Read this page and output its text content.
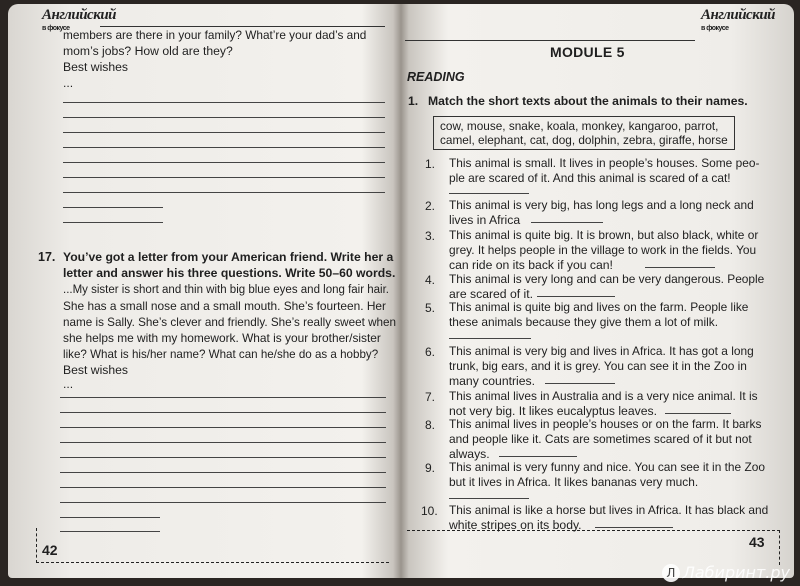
Английский
в фокусе
members are there in your family? What’re your dad’s and
mom’s jobs? How old are they?
Best wishes
...
17. You’ve got a letter from your American friend. Write her a
letter and answer his three questions. Write 50–60 words.
...My sister is short and thin with big blue eyes and long fair hair.
She has a small nose and a small mouth. She’s fourteen. Her
name is Sally. She’s clever and friendly. She’s really sweet when
she helps me with my homework. What is your brother/sister
like? What is his/her name? What can he/she do as a hobby?
Best wishes
...
42
Английский
в фокусе
MODULE 5
READING
1. Match the short texts about the animals to their names.
cow, mouse, snake, koala, monkey, kangaroo, parrot,
camel, elephant, cat, dog, dolphin, zebra, giraffe, horse
1. This animal is small. It lives in people’s houses. Some peo-
ple are scared of it. And this animal is scared of a cat!
2. This animal is very big, has long legs and a long neck and
lives in Africa
3. This animal is quite big. It is brown, but also black, white or
grey. It helps people in the village to work in the fields. You
can ride on its back if you can!
4. This animal is very long and can be very dangerous. People
are scared of it.
5. This animal is quite big and lives on the farm. People like
these animals because they give them a lot of milk.
6. This animal is very big and lives in Africa. It has got a long
trunk, big ears, and it is grey. You can see it in the Zoo in
many countries.
7. This animal lives in Australia and is a very nice animal. It is
not very big. It likes eucalyptus leaves.
8. This animal lives in people’s houses or on the farm. It barks
and people like it. Cats are sometimes scared of it but not
always.
9. This animal is very funny and nice. You can see it in the Zoo
but it lives in Africa. It likes bananas very much.
10. This animal is like a horse but lives in Africa. It has black and
white stripes on its body.
43
Л Лабиринт.ру
